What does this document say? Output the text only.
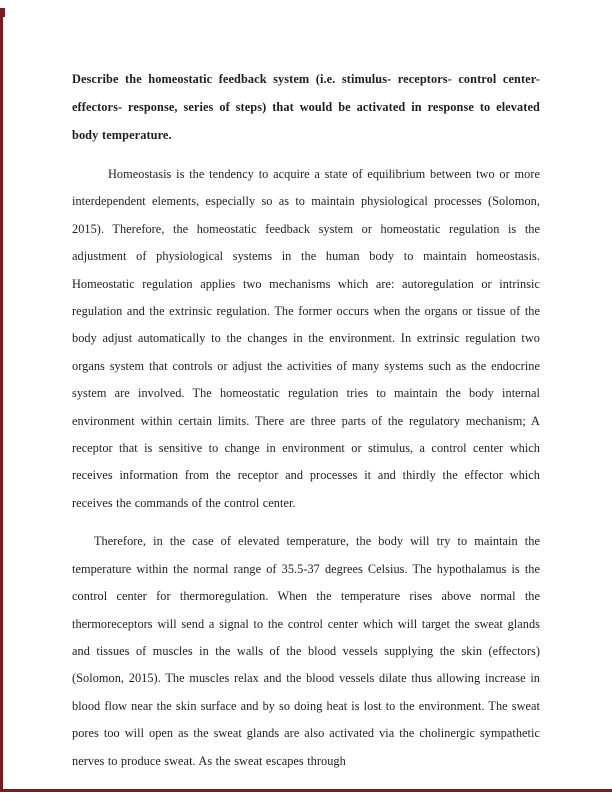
Describe the homeostatic feedback system (i.e. stimulus- receptors- control center- effectors- response, series of steps) that would be activated in response to elevated body temperature.

Homeostasis is the tendency to acquire a state of equilibrium between two or more interdependent elements, especially so as to maintain physiological processes (Solomon, 2015). Therefore, the homeostatic feedback system or homeostatic regulation is the adjustment of physiological systems in the human body to maintain homeostasis. Homeostatic regulation applies two mechanisms which are: autoregulation or intrinsic regulation and the extrinsic regulation. The former occurs when the organs or tissue of the body adjust automatically to the changes in the environment. In extrinsic regulation two organs system that controls or adjust the activities of many systems such as the endocrine system are involved. The homeostatic regulation tries to maintain the body internal environment within certain limits. There are three parts of the regulatory mechanism; A receptor that is sensitive to change in environment or stimulus, a control center which receives information from the receptor and processes it and thirdly the effector which receives the commands of the control center.

Therefore, in the case of elevated temperature, the body will try to maintain the temperature within the normal range of 35.5-37 degrees Celsius. The hypothalamus is the control center for thermoregulation. When the temperature rises above normal the thermoreceptors will send a signal to the control center which will target the sweat glands and tissues of muscles in the walls of the blood vessels supplying the skin (effectors) (Solomon, 2015). The muscles relax and the blood vessels dilate thus allowing increase in blood flow near the skin surface and by so doing heat is lost to the environment. The sweat pores too will open as the sweat glands are also activated via the cholinergic sympathetic nerves to produce sweat. As the sweat escapes through
